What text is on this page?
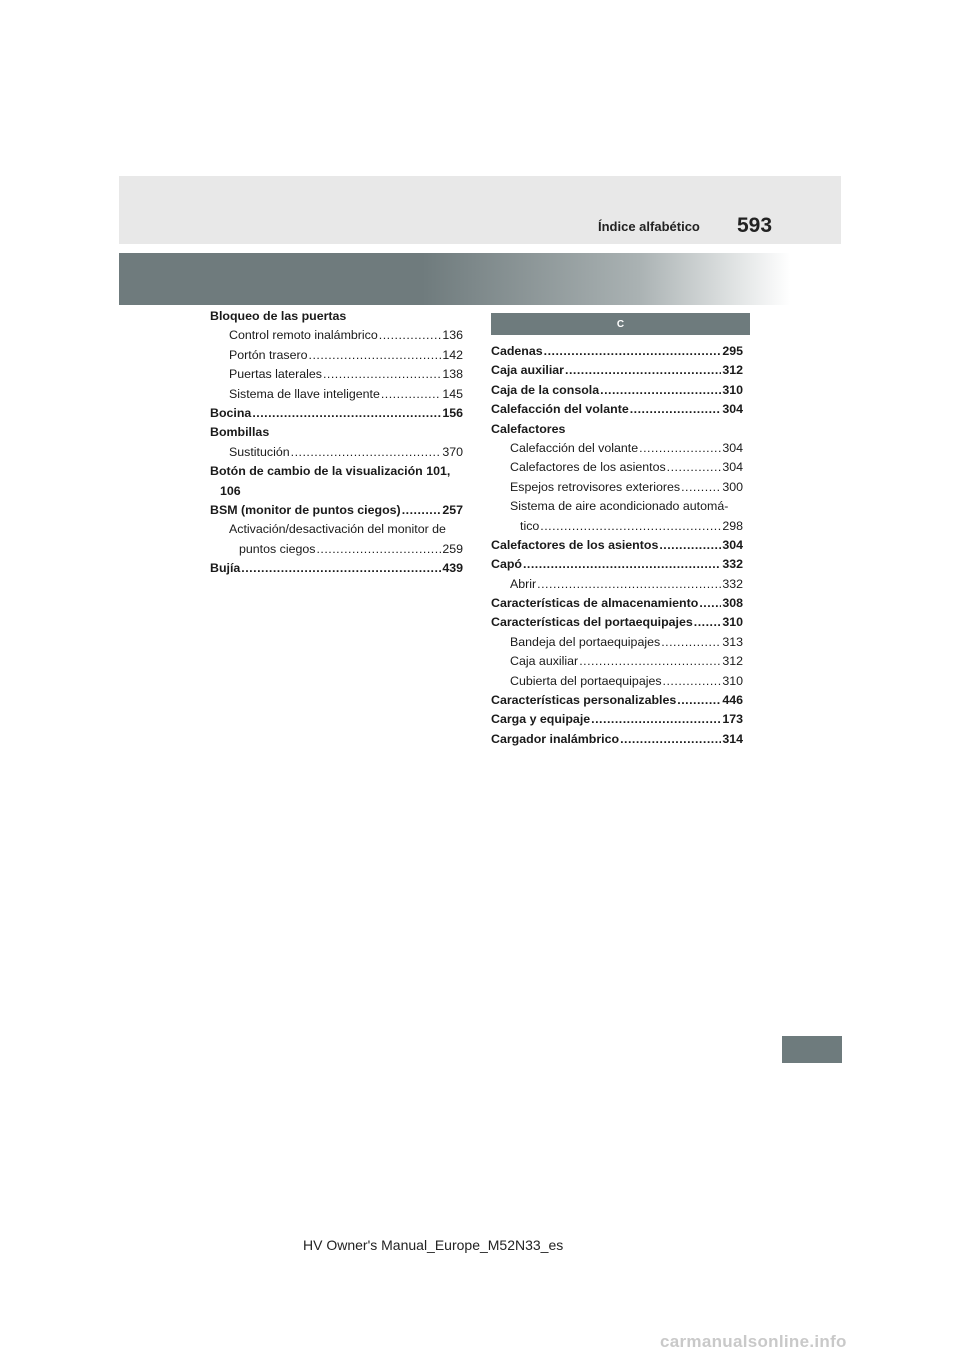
Índice alfabético 593
Bloqueo de las puertas
Control remoto inalámbrico .....	136
Portón trasero .....	142
Puertas laterales .....	138
Sistema de llave inteligente .....	145
Bocina .....	156
Bombillas
Sustitución .....	370
Botón de cambio de la visualización 101,
106
BSM (monitor de puntos ciegos) .....	257
Activación/desactivación del monitor de
puntos ciegos .....	259
Bujía .....	439
C
Cadenas .....	295
Caja auxiliar .....	312
Caja de la consola .....	310
Calefacción del volante .....	304
Calefactores
Calefacción del volante .....	304
Calefactores de los asientos .....	304
Espejos retrovisores exteriores .....	300
Sistema de aire acondicionado automá-
tico .....	298
Calefactores de los asientos .....	304
Capó .....	332
Abrir .....	332
Características de almacenamiento ..... 308
Características del portaequipajes ..... 310
Bandeja del portaequipajes .....	313
Caja auxiliar .....	312
Cubierta del portaequipajes .....	310
Características personalizables .....	446
Carga y equipaje .....	173
Cargador inalámbrico .....	314
HV Owner's Manual_Europe_M52N33_es
carmanualsonline.info
